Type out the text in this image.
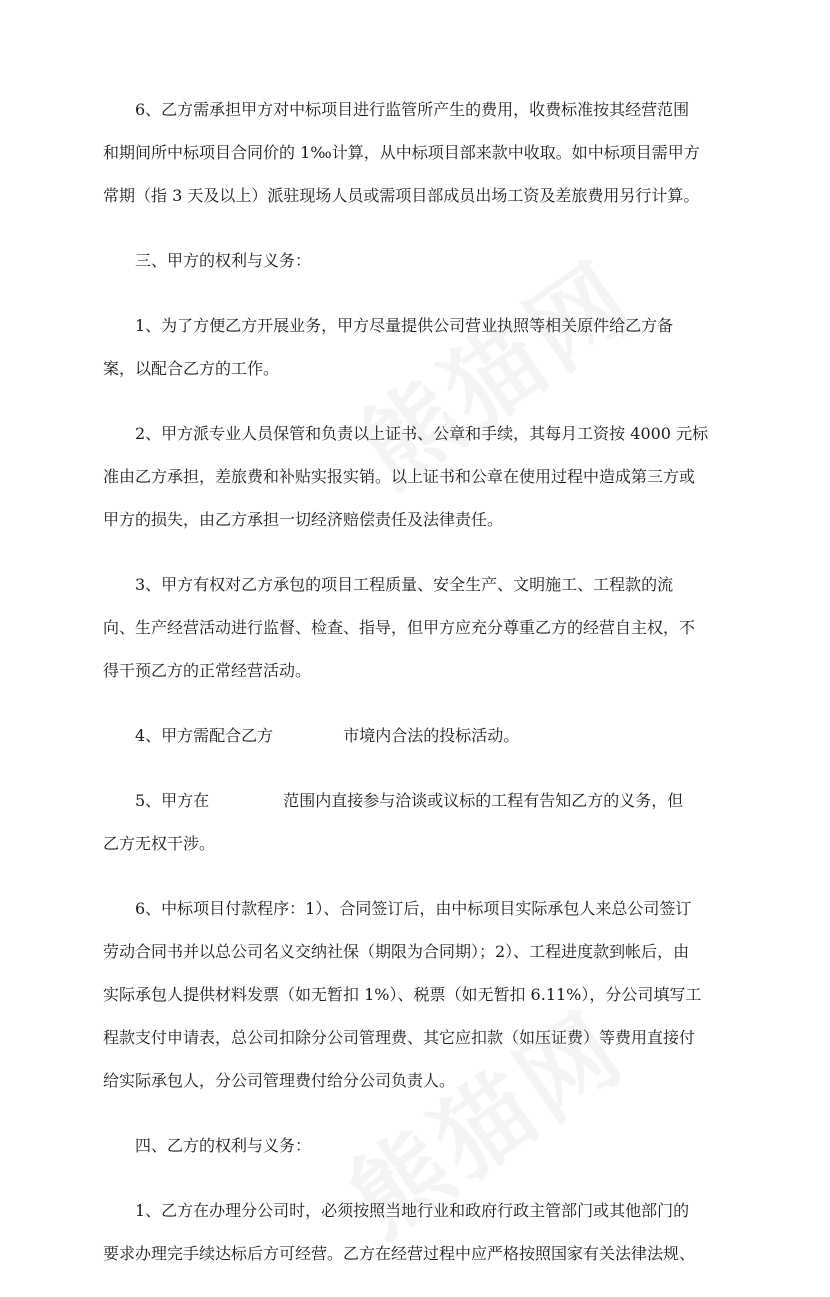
6、乙方需承担甲方对中标项目进行监管所产生的费用，收费标准按其经营范围
和期间所中标项目合同价的 1‰计算，从中标项目部来款中收取。如中标项目需甲方
常期（指 3 天及以上）派驻现场人员或需项目部成员出场工资及差旅费用另行计算。
三、甲方的权利与义务：
1、为了方便乙方开展业务，甲方尽量提供公司营业执照等相关原件给乙方备
案，以配合乙方的工作。
2、甲方派专业人员保管和负责以上证书、公章和手续，其每月工资按 4000 元标
准由乙方承担，差旅费和补贴实报实销。以上证书和公章在使用过程中造成第三方或
甲方的损失，由乙方承担一切经济赔偿责任及法律责任。
3、甲方有权对乙方承包的项目工程质量、安全生产、文明施工、工程款的流
向、生产经营活动进行监督、检查、指导，但甲方应充分尊重乙方的经营自主权，不
得干预乙方的正常经营活动。
4、甲方需配合乙方	市境内合法的投标活动。
5、甲方在	范围内直接参与洽谈或议标的工程有告知乙方的义务，但
乙方无权干涉。
6、中标项目付款程序：1）、合同签订后，由中标项目实际承包人来总公司签订
劳动合同书并以总公司名义交纳社保（期限为合同期）；2）、工程进度款到帐后，由
实际承包人提供材料发票（如无暂扣 1%）、税票（如无暂扣 6.11%），分公司填写工
程款支付申请表，总公司扣除分公司管理费、其它应扣款（如压证费）等费用直接付
给实际承包人，分公司管理费付给分公司负责人。
四、乙方的权利与义务：
1、乙方在办理分公司时，必须按照当地行业和政府行政主管部门或其他部门的
要求办理完手续达标后方可经营。乙方在经营过程中应严格按照国家有关法律法规、
